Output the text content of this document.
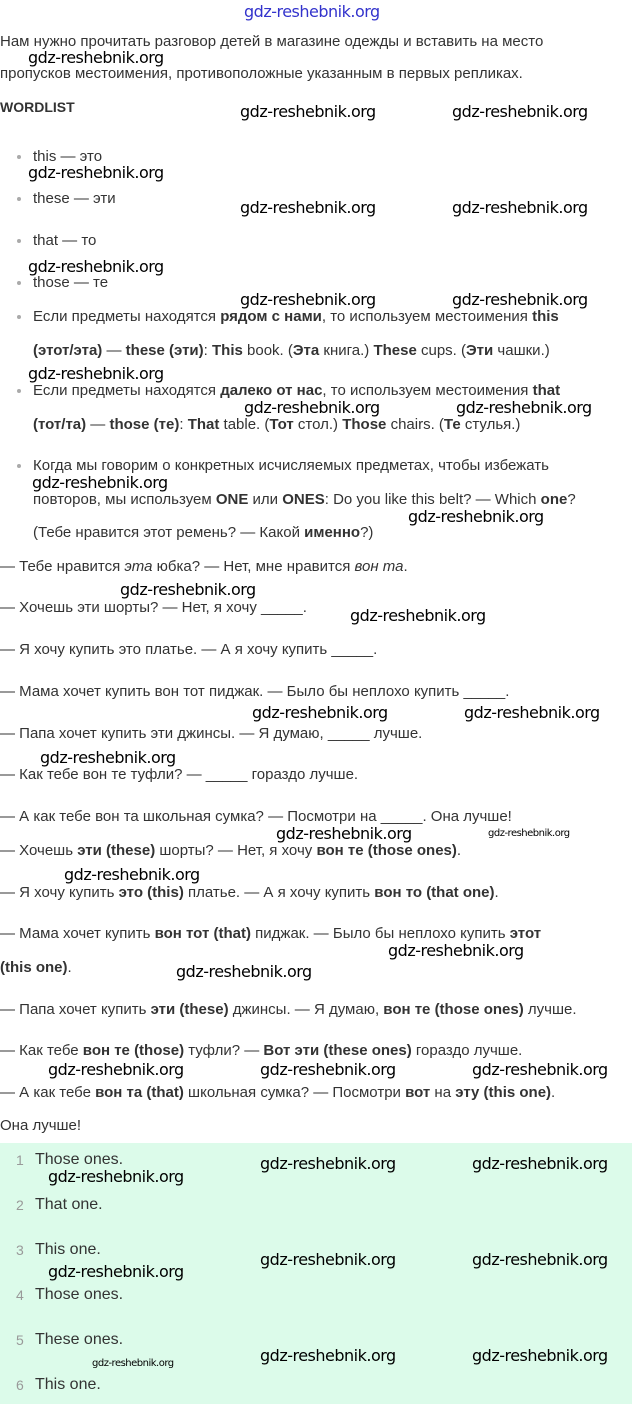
gdz-reshebnik.org
Нам нужно прочитать разговор детей в магазине одежды и вставить на место
пропусков местоимения, противоположные указанным в первых репликах.
WORDLIST
this — это
these — эти
that — то
those — те
Если предметы находятся рядом с нами, то используем местоимения this
(этот/эта) — these (эти): This book. (Эта книга.) These cups. (Эти чашки.)
Если предметы находятся далеко от нас, то используем местоимения that
(тот/та) — those (те): That table. (Тот стол.) Those chairs. (Те стулья.)
Когда мы говорим о конкретных исчисляемых предметах, чтобы избежать
повторов, мы используем ONE или ONES: Do you like this belt? — Which one?
(Тебе нравится этот ремень? — Какой именно?)
— Тебе нравится эта юбка? — Нет, мне нравится вон та.
— Хочешь эти шорты? — Нет, я хочу _____.
— Я хочу купить это платье. — А я хочу купить _____.
— Мама хочет купить вон тот пиджак. — Было бы неплохо купить _____.
— Папа хочет купить эти джинсы. — Я думаю, _____ лучше.
— Как тебе вон те туфли? — _____ гораздо лучше.
— А как тебе вон та школьная сумка? — Посмотри на _____. Она лучше!
— Хочешь эти (these) шорты? — Нет, я хочу вон те (those ones).
— Я хочу купить это (this) платье. — А я хочу купить вон то (that one).
— Мама хочет купить вон тот (that) пиджак. — Было бы неплохо купить этот
(this one).
— Папа хочет купить эти (these) джинсы. — Я думаю, вон те (those ones) лучше.
— Как тебе вон те (those) туфли? — Вот эти (these ones) гораздо лучше.
— А как тебе вон та (that) школьная сумка? — Посмотри вот на эту (this one).
Она лучше!
1 Those ones.
2 That one.
3 This one.
4 Those ones.
5 These ones.
6 This one.
gdz-reshebnik.org
gdz-reshebnik.org	gdz-reshebnik.org
gdz-reshebnik.org
gdz-reshebnik.org	gdz-reshebnik.org
gdz-reshebnik.org
gdz-reshebnik.org	gdz-reshebnik.org
gdz-reshebnik.org
gdz-reshebnik.org	gdz-reshebnik.org
gdz-reshebnik.org
gdz-reshebnik.org
gdz-reshebnik.org
gdz-reshebnik.org
gdz-reshebnik.org	gdz-reshebnik.org
gdz-reshebnik.org
gdz-reshebnik.org	gdz-reshebnik.org
gdz-reshebnik.org
gdz-reshebnik.org
gdz-reshebnik.org
gdz-reshebnik.org	gdz-reshebnik.org	gdz-reshebnik.org
gdz-reshebnik.org
gdz-reshebnik.org	gdz-reshebnik.org
gdz-reshebnik.org
gdz-reshebnik.org	gdz-reshebnik.org
gdz-reshebnik.org	gdz-reshebnik.org	gdz-reshebnik.org
